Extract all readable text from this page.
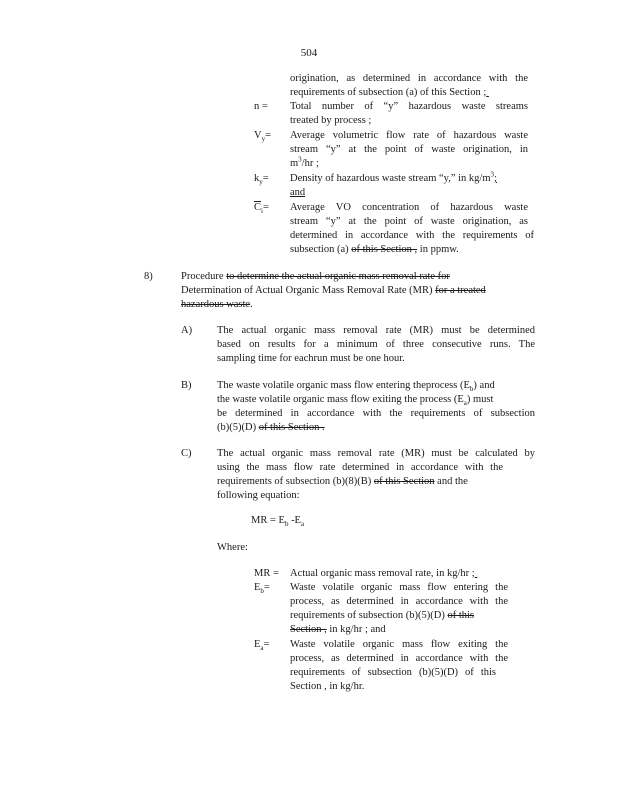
504
origination, as determined in accordance with the
requirements of subsection (a) of this Section ;
n = Total number of “y” hazardous waste streams
treated by process ;
$V_y=$ Average volumetric flow rate of hazardous waste
stream “y” at the point of waste origination, in
$m^3/hr$ ;
$k_y=$ Density of hazardous waste stream “y,” in $kg/m^3$;
and
$\overline{C}_i=$ Average VO concentration of hazardous waste
stream “y” at the point of waste origination, as
determined in accordance with the requirements of
subsection (a) of this Section , in ppmw.
8)	Procedure to determine the actual organic mass removal rate for
Determination of Actual Organic Mass Removal Rate (MR) for a treated
hazardous waste.
A) The actual organic mass removal rate (MR) must be determined
based on results for a minimum of three consecutive runs. The
sampling time for eachrun must be one hour.
B) The waste volatile organic mass flow entering theprocess $(E_b)$ and
the waste volatile organic mass flow exiting the process $(E_a)$ must
be determined in accordance with the requirements of subsection
(b)(5)(D) of this Section .
C) The actual organic mass removal rate (MR) must be calculated by
using the mass flow rate determined in accordance with the
requirements of subsection (b)(8)(B) of this Section and the
following equation:
MR = $E_b$ $-E_a$
Where:
MR = Actual organic mass removal rate, in kg/hr ;
$E_b=$ Waste volatile organic mass flow entering the
process, as determined in accordance with the
requirements of subsection (b)(5)(D) of this
Section , in kg/hr ; and
$E_a=$ Waste volatile organic mass flow exiting the
process, as determined in accordance with the
requirements of subsection (b)(5)(D) of this
Section , in kg/hr.
